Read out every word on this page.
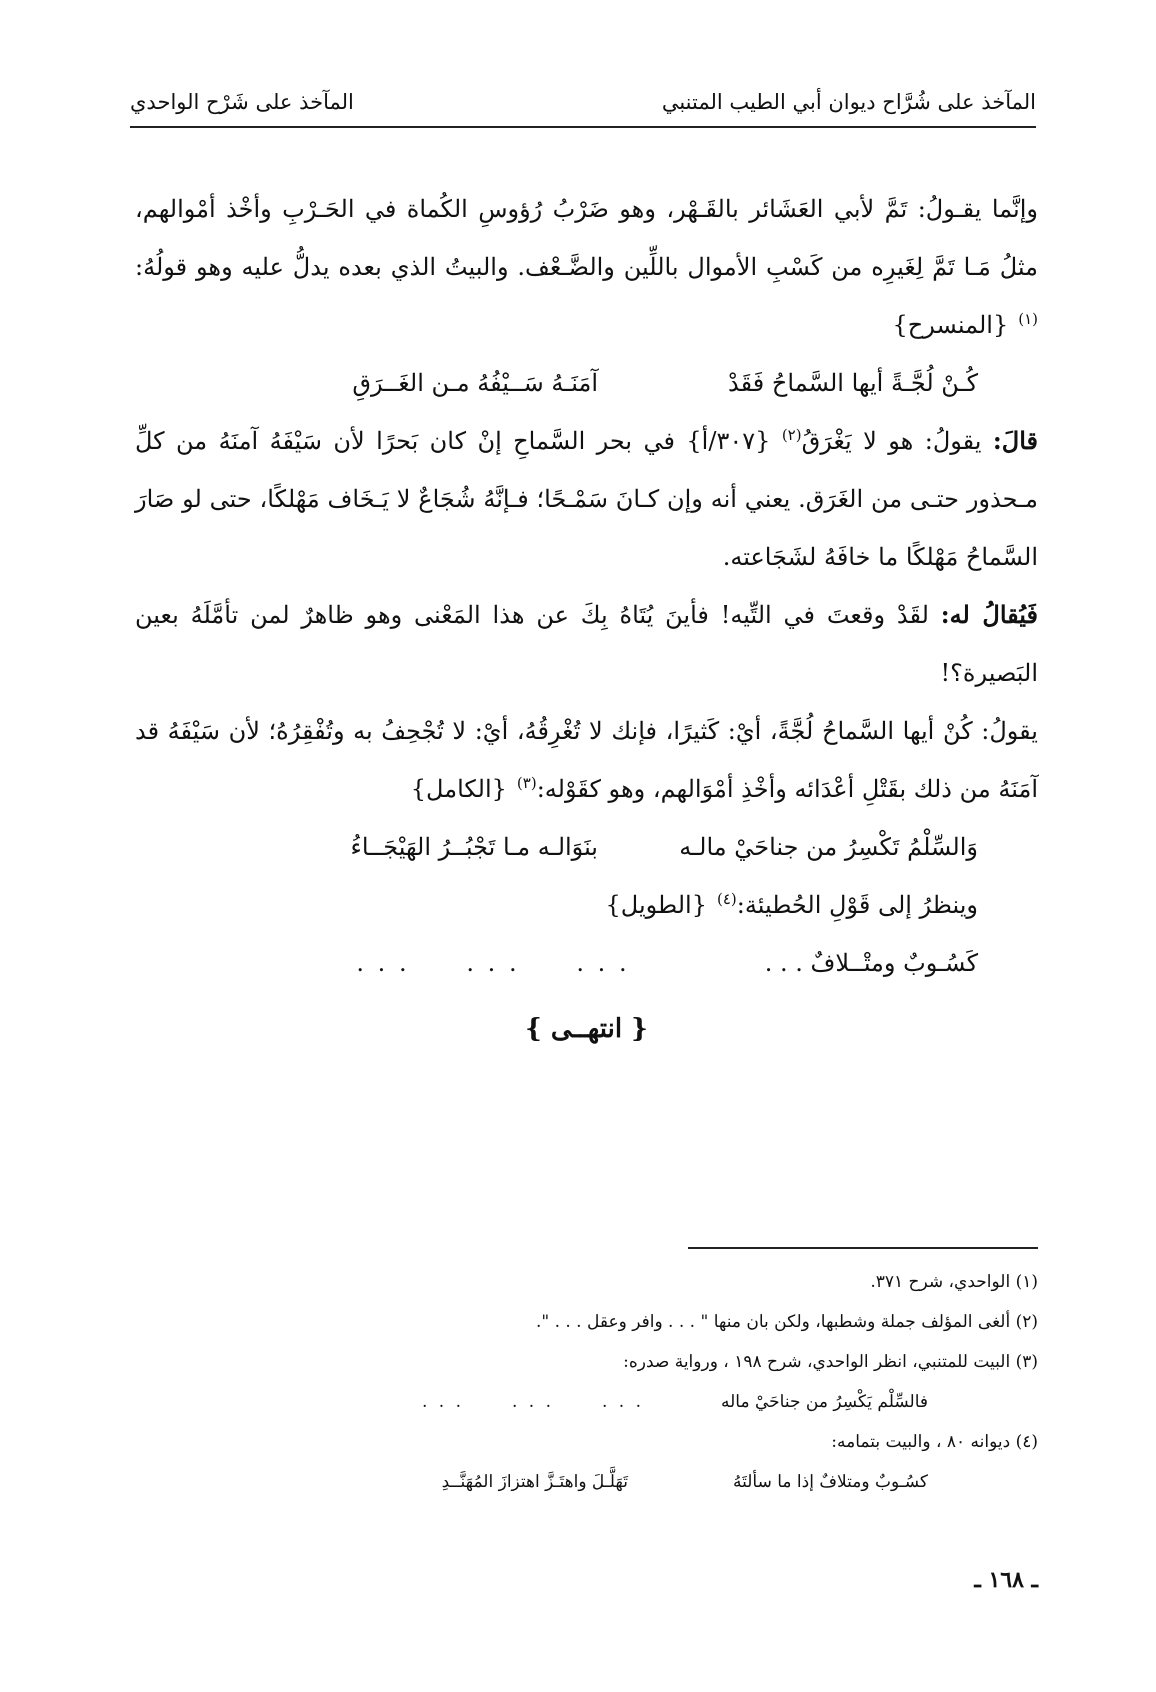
المآخذ على شُرَّاح ديوان أبي الطيب المتنبي
المآخذ على شَرْح الواحدي

وإنَّما يقـولُ: تَمَّ لأبي العَشَائر بالقَـهْر، وهو ضَرْبُ رُؤوسِ الكُماة في الحَـرْبِ وأخْذ أمْوالهم، مثلُ مَـا تَمَّ لِغَيرِه من كَسْبِ الأموال باللِّين والضَّـعْف. والبيتُ الذي بعده يدلُّ عليه وهو قولُهُ:$^{(١)}${المنسرح}

كُـنْ لُجَّـةً أيها السَّماحُ فَقَدْ
آمَنَـهُ سَــيْفُهُ مـن الغَــرَقِ

قالَ: يقولُ: هو لا يَغْرَقُ$^{(٢)}$ {٣٠٧/أ} في بحر السَّماحِ إنْ كان بَحرًا لأن سَيْفَهُ آمنَهُ من كلِّ مـحذور حتـى من الغَرَق. يعني أنه وإن كـانَ سَمْـحًا؛ فـإنَّهُ شُجَاعٌ لا يَـخَاف مَهْلكًا، حتى لو صَارَ السَّماحُ مَهْلكًا ما خافَهُ لشَجَاعته.

فَيُقالُ له: لقَدْ وقعتَ في التِّيه! فأينَ يُتَاهُ بِكَ عن هذا المَعْنى وهو ظاهرٌ لمن تأمَّلَهُ بعين البَصيرة؟!

يقولُ: كُنْ أيها السَّماحُ لُجَّةً، أيْ: كَثيرًا، فإنك لا تُغْرِقُهُ، أيْ: لا تُجْحِفُ به وتُفْقِرُهُ؛ لأن سَيْفَهُ قد آمَنَهُ من ذلك بقَتْلِ أعْدَائه وأخْذِ أمْوَالهم، وهو كقَوْله:$^{(٣)}${الكامل}

وَالسِّلْمُ تَكْسِرُ من جناحَيْ مالـه
بنَوَالـه مـا تَجْبُــرُ الهَيْجَــاءُ

وينظرُ إلى قَوْلِ الحُطيئة:$^{(٤)}${الطويل}

كَسُـوبٌ ومتْــلافٌ . . .
. . .
. . .
. . .
{ انتهــى }

(١) الواحدي، شرح ٣٧١.

(٢) ألغى المؤلف جملة وشطبها، ولكن بان منها " . . . وافر وعقل . . . ".

(٣) البيت للمتنبي، انظر الواحدي، شرح ١٩٨ ، ورواية صدره:

فالسِّلْم يَكْسِرُ من جناحَيْ ماله
. . .
. . .
. . .

(٤) ديوانه ٨٠ ، والبيت بتمامه:

كسُـوبٌ ومتلافٌ إذا ما سألتَهُ
تَهَلَّـلَ واهتَـزَّ اهتزازَ المُهَنَّــدِ
ـ ١٦٨ ـ
